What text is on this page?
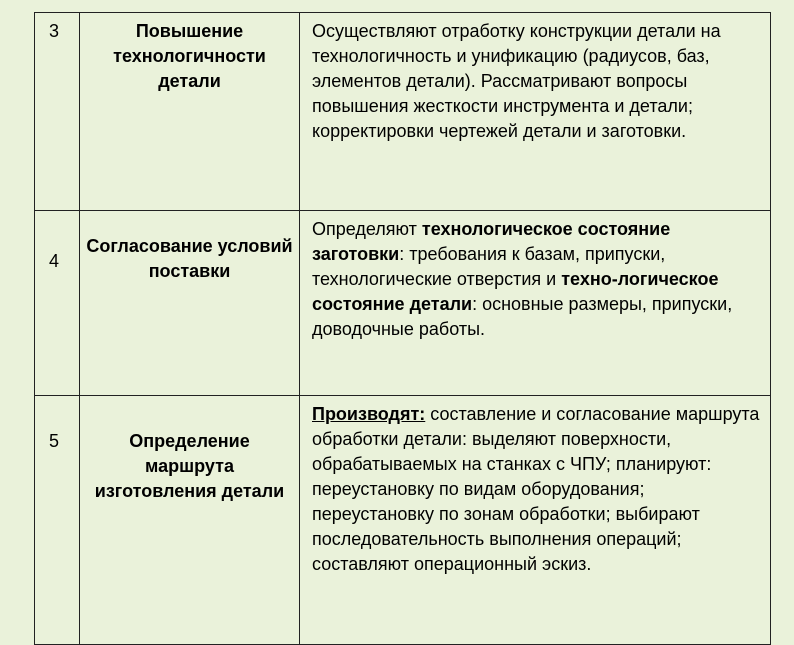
3	Повышение технологичности детали	Осуществляют отработку конструкции детали на технологичность и унификацию (радиусов, баз, элементов детали). Рассматривают вопросы повышения жесткости инструмента и детали; корректировки чертежей детали и заготовки.
4	Согласование условий поставки	Определяют технологическое состояние заготовки: требования к базам, припуски, технологические отверстия и техно-логическое состояние детали: основные размеры, припуски, доводочные работы.
5	Определение маршрута изготовления детали	Производят: составление и согласование маршрута обработки детали: выделяют поверхности, обрабатываемых на станках с ЧПУ; планируют: переустановку по видам оборудования; переустановку по зонам обработки; выбирают последовательность выполнения операций; составляют операционный эскиз.
